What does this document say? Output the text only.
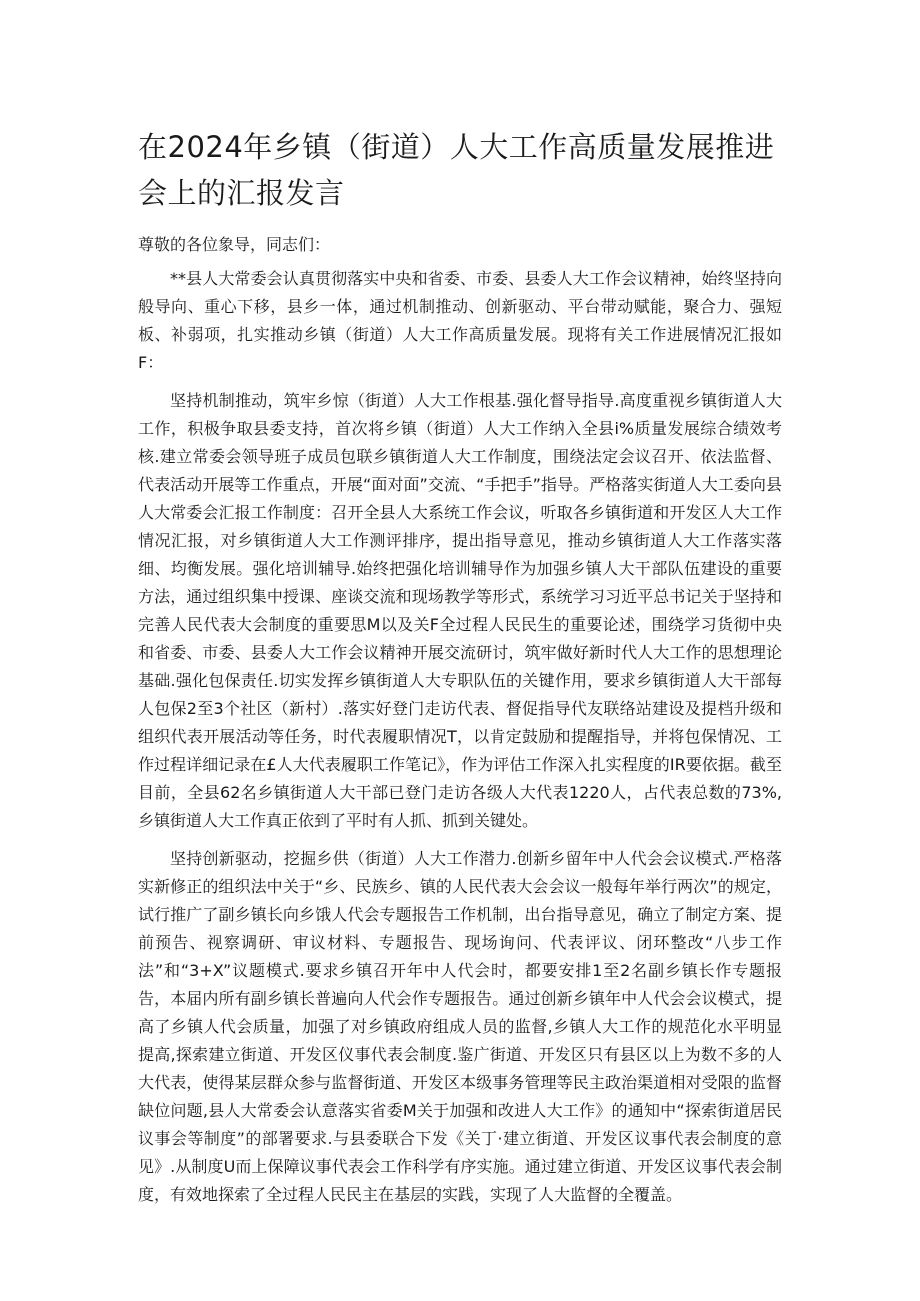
在2024年乡镇（街道）人大工作高质量发展推进会上的汇报发言

尊敬的各位象导，同志们：

**县人大常委会认真贯彻落实中央和省委、市委、县委人大工作会议精神，始终坚持向般导向、重心下移，县乡一体，通过机制推动、创新驱动、平台带动赋能，聚合力、强短板、补弱项，扎实推动乡镇（街道）人大工作高质量发展。现将有关工作进展情况汇报如F：

坚持机制推动，筑牢乡惊（街道）人大工作根基.强化督导指导.高度重视乡镇街道人大工作，积极争取县委支持，首次将乡镇（街道）人大工作纳入全县i%质量发展综合绩效考核.建立常委会领导班子成员包联乡镇街道人大工作制度，围绕法定会议召开、依法监督、代表活动开展等工作重点，开展“面对面”交流、“手把手”指导。严格落实街道人大工委向县人大常委会汇报工作制度：召开全县人大系统工作会议，听取各乡镇街道和开发区人大工作情况汇报，对乡镇街道人大工作测评排序，提出指导意见，推动乡镇街道人大工作落实落细、均衡发展。强化培训辅导.始终把强化培训辅导作为加强乡镇人大干部队伍建设的重要方法，通过组织集中授课、座谈交流和现场教学等形式，系统学习习近平总书记关于坚持和完善人民代表大会制度的重要思M以及关F全过程人民民生的重要论述，围绕学习货彻中央和省委、市委、县委人大工作会议精神开展交流研讨，筑牢做好新时代人大工作的思想理论基础.强化包保责任.切实发挥乡镇街道人大专职队伍的关键作用，要求乡镇街道人大干部每人包保2至3个社区（新村）.落实好登门走访代表、督促指导代友联络站建设及提档升级和组织代表开展活动等任务，时代表履职情况T，以肯定鼓励和提醒指导，并将包保情况、工作过程详细记录在£人大代表履职工作笔记》，作为评估工作深入扎实程度的IR要依据。截至目前，全县62名乡镇街道人大干部已登门走访各级人大代表1220人，占代表总数的73%,乡镇街道人大工作真正依到了平时有人抓、抓到关键处。

坚持创新驱动，挖掘乡供（街道）人大工作潜力.创新乡留年中人代会会议模式.严格落实新修正的组织法中关于“乡、民族乡、镇的人民代表大会会议一般每年举行两次”的规定，试行推广了副乡镇长向乡饿人代会专题报告工作机制，出台指导意见，确立了制定方案、提前预告、视察调研、审议材料、专题报告、现场询问、代表评议、闭环整改“八步工作法”和“3+X”议题模式.要求乡镇召开年中人代会时，都要安排1至2名副乡镇长作专题报告，本届内所有副乡镇长普遍向人代会作专题报告。通过创新乡镇年中人代会会议模式，提高了乡镇人代会质量，加强了对乡镇政府组成人员的监督,乡镇人大工作的规范化水平明显提高,探索建立街道、开发区仪事代表会制度.鉴广街道、开发区只有县区以上为数不多的人大代表，使得某层群众参与监督街道、开发区本级事务管理等民主政治渠道相对受限的监督缺位问题,县人大常委会认意落实省委M关于加强和改进人大工作》的通知中“探索街道居民议事会等制度”的部署要求.与县委联合下发《关丁·建立街道、开发区议事代表会制度的意见》.从制度U而上保障议事代表会工作科学有序实施。通过建立街道、开发区议事代表会制度，有效地探索了全过程人民民主在基层的实践，实现了人大监督的全覆盖。
